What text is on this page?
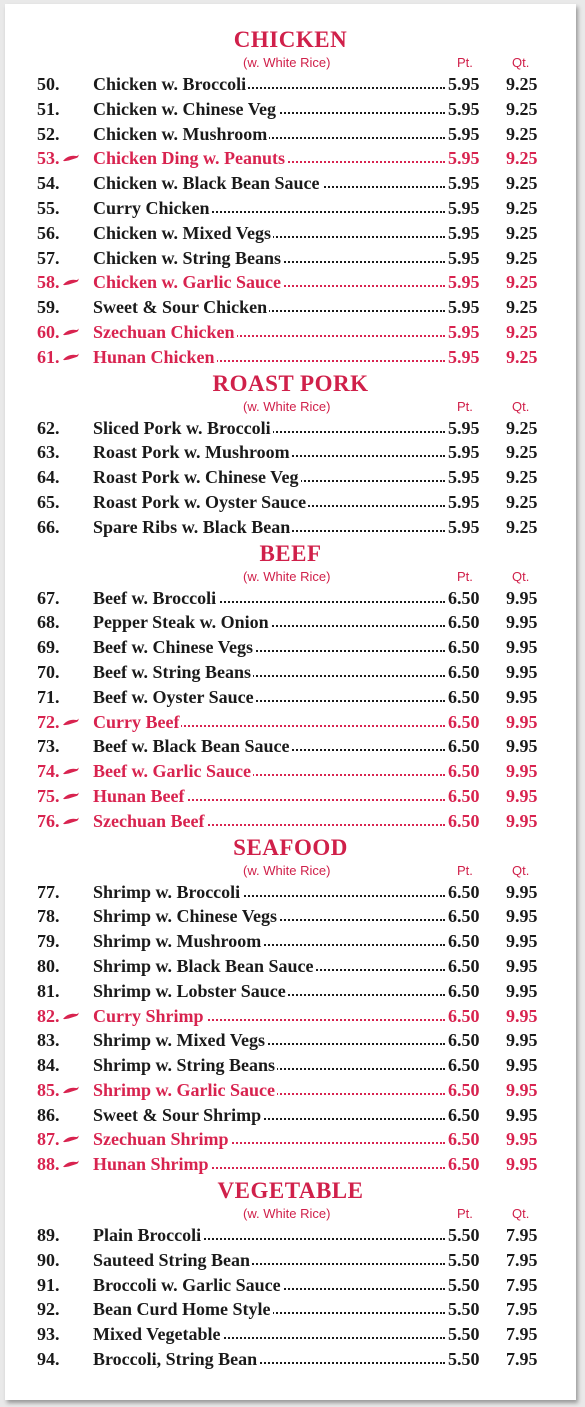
CHICKEN
(w. White Rice)	Pt.	Qt.
50.	Chicken w. Broccoli	5.95 9.25
51.	Chicken w. Chinese Veg	5.95 9.25
52.	Chicken w. Mushroom	5.95 9.25
53.	Chicken Ding w. Peanuts	5.95 9.25
54.	Chicken w. Black Bean Sauce	5.95 9.25
55.	Curry Chicken	5.95 9.25
56.	Chicken w. Mixed Vegs	5.95 9.25
57.	Chicken w. String Beans	5.95 9.25
58.	Chicken w. Garlic Sauce	5.95 9.25
59.	Sweet & Sour Chicken	5.95 9.25
60.	Szechuan Chicken	5.95 9.25
61.	Hunan Chicken	5.95 9.25
ROAST PORK
(w. White Rice)	Pt.	Qt.
62.	Sliced Pork w. Broccoli	5.95 9.25
63.	Roast Pork w. Mushroom	5.95 9.25
64.	Roast Pork w. Chinese Veg	5.95 9.25
65.	Roast Pork w. Oyster Sauce	5.95 9.25
66.	Spare Ribs w. Black Bean	5.95 9.25
BEEF
(w. White Rice)	Pt.	Qt.
67.	Beef w. Broccoli	6.50 9.95
68.	Pepper Steak w. Onion	6.50 9.95
69.	Beef w. Chinese Vegs	6.50 9.95
70.	Beef w. String Beans	6.50 9.95
71.	Beef w. Oyster Sauce	6.50 9.95
72.	Curry Beef	6.50 9.95
73.	Beef w. Black Bean Sauce	6.50 9.95
74.	Beef w. Garlic Sauce	6.50 9.95
75.	Hunan Beef	6.50 9.95
76.	Szechuan Beef	6.50 9.95
SEAFOOD
(w. White Rice)	Pt.	Qt.
77.	Shrimp w. Broccoli	6.50 9.95
78.	Shrimp w. Chinese Vegs	6.50 9.95
79.	Shrimp w. Mushroom	6.50 9.95
80.	Shrimp w. Black Bean Sauce	6.50 9.95
81.	Shrimp w. Lobster Sauce	6.50 9.95
82.	Curry Shrimp	6.50 9.95
83.	Shrimp w. Mixed Vegs	6.50 9.95
84.	Shrimp w. String Beans	6.50 9.95
85.	Shrimp w. Garlic Sauce	6.50 9.95
86.	Sweet & Sour Shrimp	6.50 9.95
87.	Szechuan Shrimp	6.50 9.95
88.	Hunan Shrimp	6.50 9.95
VEGETABLE
(w. White Rice)	Pt.	Qt.
89.	Plain Broccoli	5.50 7.95
90.	Sauteed String Bean	5.50 7.95
91.	Broccoli w. Garlic Sauce	5.50 7.95
92.	Bean Curd Home Style	5.50 7.95
93.	Mixed Vegetable	5.50 7.95
94.	Broccoli, String Bean	5.50 7.95
